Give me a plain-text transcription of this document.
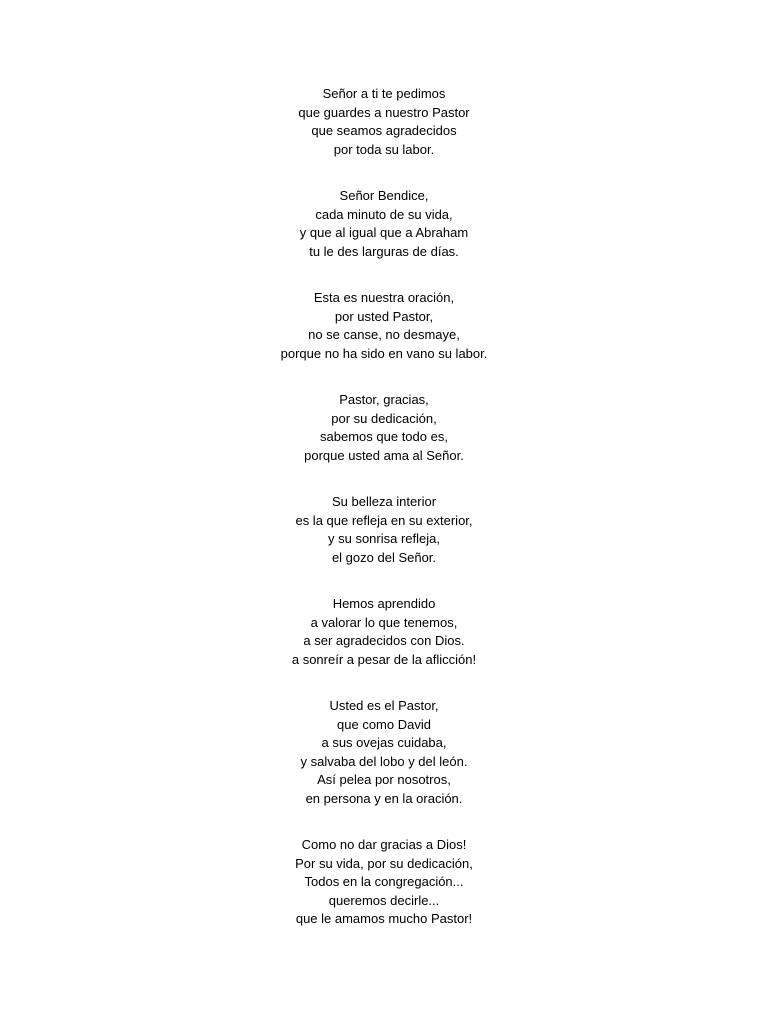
Señor a ti te pedimos
que guardes a nuestro Pastor
que seamos agradecidos
por toda su labor.
Señor Bendice,
cada minuto de su vida,
y que al igual que a Abraham
tu le des larguras de días.
Esta es nuestra oración,
por usted Pastor,
no se canse, no desmaye,
porque no ha sido en vano su labor.
Pastor, gracias,
por su dedicación,
sabemos que todo es,
porque usted ama al Señor.
Su belleza interior
es la que refleja en su exterior,
y su sonrisa refleja,
el gozo del Señor.
Hemos aprendido
a valorar lo que tenemos,
a ser agradecidos con Dios.
a sonreír a pesar de la aflicción!
Usted es el Pastor,
que como David
a sus ovejas cuidaba,
y salvaba del lobo y del león.
Así pelea por nosotros,
en persona y en la oración.
Como no dar gracias a Dios!
Por su vida, por su dedicación,
Todos en la congregación...
queremos decirle...
que le amamos mucho Pastor!
